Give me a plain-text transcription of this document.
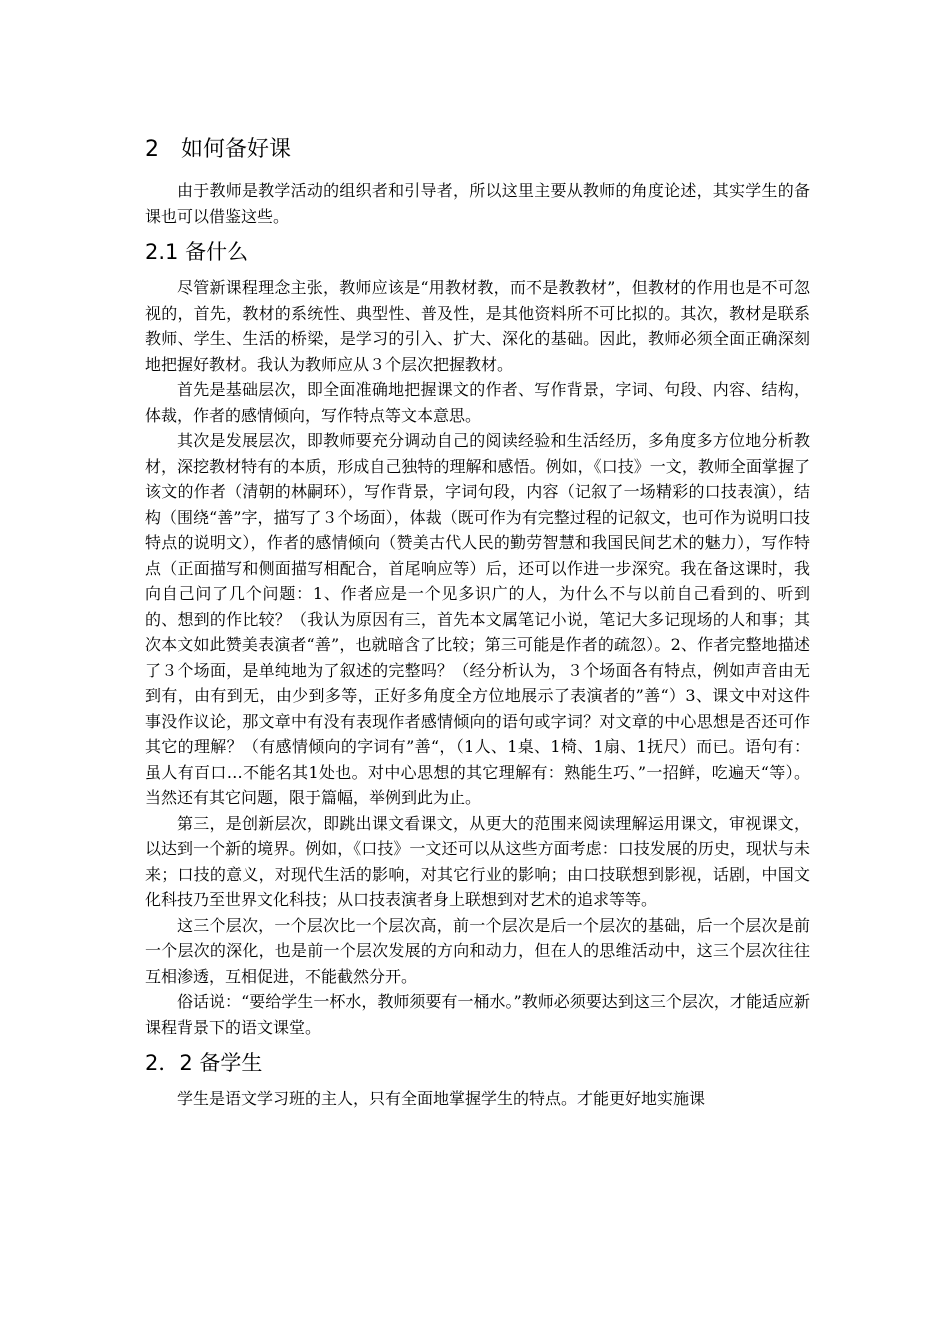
2 如何备好课

由于教师是教学活动的组织者和引导者，所以这里主要从教师的角度论述，其实学生的备课也可以借鉴这些。

2.1 备什么

尽管新课程理念主张，教师应该是“用教材教，而不是教教材”，但教材的作用也是不可忽视的，首先，教材的系统性、典型性、普及性，是其他资料所不可比拟的。其次，教材是联系教师、学生、生活的桥梁，是学习的引入、扩大、深化的基础。因此，教师必须全面正确深刻地把握好教材。我认为教师应从３个层次把握教材。

首先是基础层次，即全面准确地把握课文的作者、写作背景，字词、句段、内容、结构，体裁，作者的感情倾向，写作特点等文本意思。

其次是发展层次，即教师要充分调动自己的阅读经验和生活经历，多角度多方位地分析教材，深挖教材特有的本质，形成自己独特的理解和感悟。例如，《口技》一文，教师全面掌握了该文的作者（清朝的林嗣环），写作背景，字词句段，内容（记叙了一场精彩的口技表演），结构（围绕“善”字，描写了３个场面），体裁（既可作为有完整过程的记叙文，也可作为说明口技特点的说明文），作者的感情倾向（赞美古代人民的勤劳智慧和我国民间艺术的魅力），写作特点（正面描写和侧面描写相配合，首尾响应等）后，还可以作进一步深究。我在备这课时，我向自己问了几个问题：1、作者应是一个见多识广的人，为什么不与以前自己看到的、听到的、想到的作比较？（我认为原因有三，首先本文属笔记小说，笔记大多记现场的人和事；其次本文如此赞美表演者“善”，也就暗含了比较；第三可能是作者的疏忽）。2、作者完整地描述了３个场面，是单纯地为了叙述的完整吗？（经分析认为，３个场面各有特点，例如声音由无到有，由有到无，由少到多等，正好多角度全方位地展示了表演者的”善“）3、课文中对这件事没作议论，那文章中有没有表现作者感情倾向的语句或字词？对文章的中心思想是否还可作其它的理解？（有感情倾向的字词有”善“，（1人、1桌、1椅、1扇、1抚尺）而已。语句有：虽人有百口…不能名其1处也。对中心思想的其它理解有：熟能生巧、”一招鲜，吃遍天“等）。当然还有其它问题，限于篇幅，举例到此为止。

第三，是创新层次，即跳出课文看课文，从更大的范围来阅读理解运用课文，审视课文，以达到一个新的境界。例如，《口技》一文还可以从这些方面考虑：口技发展的历史，现状与未来；口技的意义，对现代生活的影响，对其它行业的影响；由口技联想到影视，话剧，中国文化科技乃至世界文化科技；从口技表演者身上联想到对艺术的追求等等。

这三个层次，一个层次比一个层次高，前一个层次是后一个层次的基础，后一个层次是前一个层次的深化，也是前一个层次发展的方向和动力，但在人的思维活动中，这三个层次往往互相渗透，互相促进，不能截然分开。

俗话说：“要给学生一杯水，教师须要有一桶水。”教师必须要达到这三个层次，才能适应新课程背景下的语文课堂。

2．2 备学生

学生是语文学习班的主人，只有全面地掌握学生的特点。才能更好地实施课
